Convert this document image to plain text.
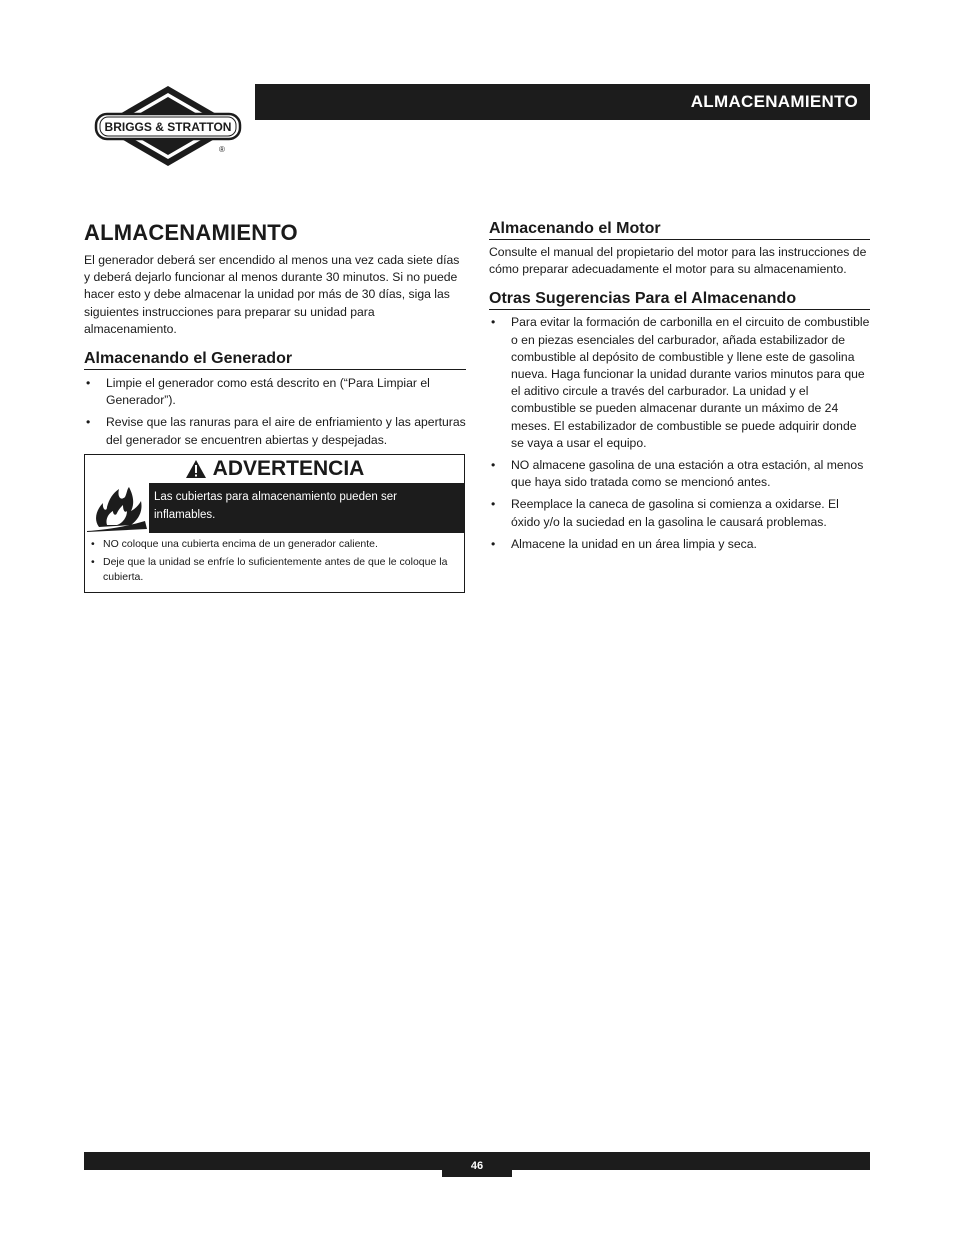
BRIGGS & STRATTON
®
ALMACENAMIENTO
ALMACENAMIENTO

El generador deberá ser encendido al menos una vez cada siete días y deberá dejarlo funcionar al menos durante 30 minutos. Si no puede hacer esto y debe almacenar la unidad por más de 30 días, siga las siguientes instrucciones para preparar su unidad para almacenamiento.

Almacenando el Generador
• Limpie el generador como está descrito en (“Para Limpiar el Generador”).
• Revise que las ranuras para el aire de enfriamiento y las aperturas del generador se encuentren abiertas y despejadas.
ADVERTENCIA
Las cubiertas para almacenamiento pueden ser inflamables.
• NO coloque una cubierta encima de un generador caliente.
• Deje que la unidad se enfríe lo suficientemente antes de que le coloque la cubierta.
Almacenando el Motor

Consulte el manual del propietario del motor para las instrucciones de cómo preparar adecuadamente el motor para su almacenamiento.

Otras Sugerencias Para el Almacenando
• Para evitar la formación de carbonilla en el circuito de combustible o en piezas esenciales del carburador, añada estabilizador de combustible al depósito de combustible y llene este de gasolina nueva. Haga funcionar la unidad durante varios minutos para que el aditivo circule a través del carburador. La unidad y el combustible se pueden almacenar durante un máximo de 24 meses. El estabilizador de combustible se puede adquirir donde se vaya a usar el equipo.
• NO almacene gasolina de una estación a otra estación, al menos que haya sido tratada como se mencionó antes.
• Reemplace la caneca de gasolina si comienza a oxidarse. El óxido y/o la suciedad en la gasolina le causará problemas.
• Almacene la unidad en un área limpia y seca.
46
